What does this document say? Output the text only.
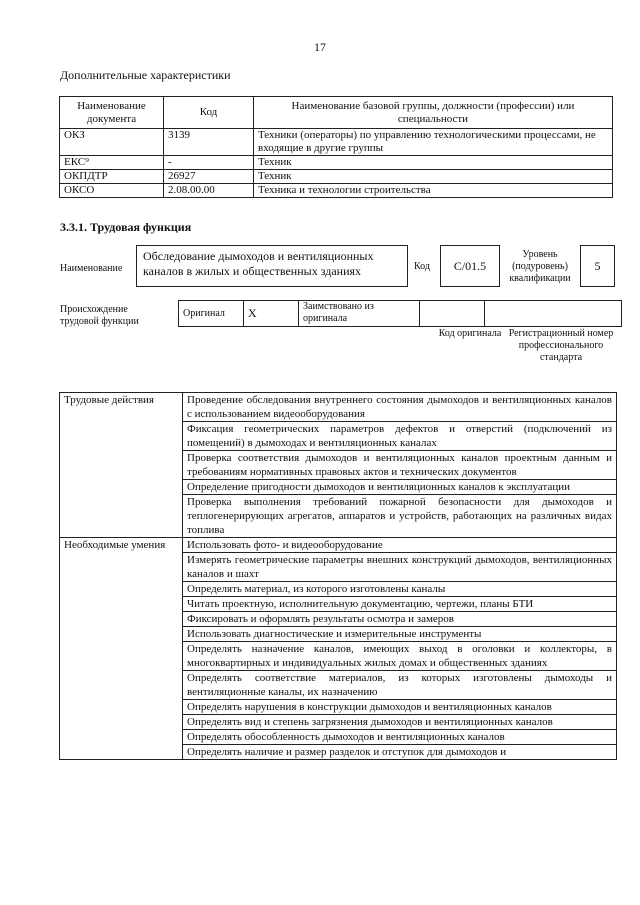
17
Дополнительные характеристики
Наименование документа	Код	Наименование базовой группы, должности (профессии) или специальности
ОКЗ	3139	Техники (операторы) по управлению технологическими процессами, не входящие в другие группы
ЕКС⁹	-	Техник
ОКПДТР	26927	Техник
ОКСО	2.08.00.00	Техника и технологии строительства
3.3.1. Трудовая функция
Наименование
Обследование дымоходов и вентиляционных каналов в жилых и общественных зданиях	Код	C/01.5
Уровень (подуровень) квалификации
5
Происхождение трудовой функции
Оригинал	X	Заимствовано из оригинала		
Код оригинала Регистрационный номер профессионального стандарта
Трудовые действия	Проведение обследования внутреннего состояния дымоходов и вентиляционных каналов с использованием видеооборудования
	Фиксация геометрических параметров дефектов и отверстий (подключений из помещений) в дымоходах и вентиляционных каналах
	Проверка соответствия дымоходов и вентиляционных каналов проектным данным и требованиям нормативных правовых актов и технических документов
	Определение пригодности дымоходов и вентиляционных каналов к эксплуатации
	Проверка выполнения требований пожарной безопасности для дымоходов и теплогенерирующих агрегатов, аппаратов и устройств, работающих на различных видах топлива
Необходимые умения	Использовать фото- и видеооборудование
	Измерять геометрические параметры внешних конструкций дымоходов, вентиляционных каналов и шахт
	Определять материал, из которого изготовлены каналы
	Читать проектную, исполнительную документацию, чертежи, планы БТИ
	Фиксировать и оформлять результаты осмотра и замеров
	Использовать диагностические и измерительные инструменты
	Определять назначение каналов, имеющих выход в оголовки и коллекторы, в многоквартирных и индивидуальных жилых домах и общественных зданиях
	Определять соответствие материалов, из которых изготовлены дымоходы и вентиляционные каналы, их назначению
	Определять нарушения в конструкции дымоходов и вентиляционных каналов
	Определять вид и степень загрязнения дымоходов и вентиляционных каналов
	Определять обособленность дымоходов и вентиляционных каналов
	Определять наличие и размер разделок и отступок для дымоходов и
